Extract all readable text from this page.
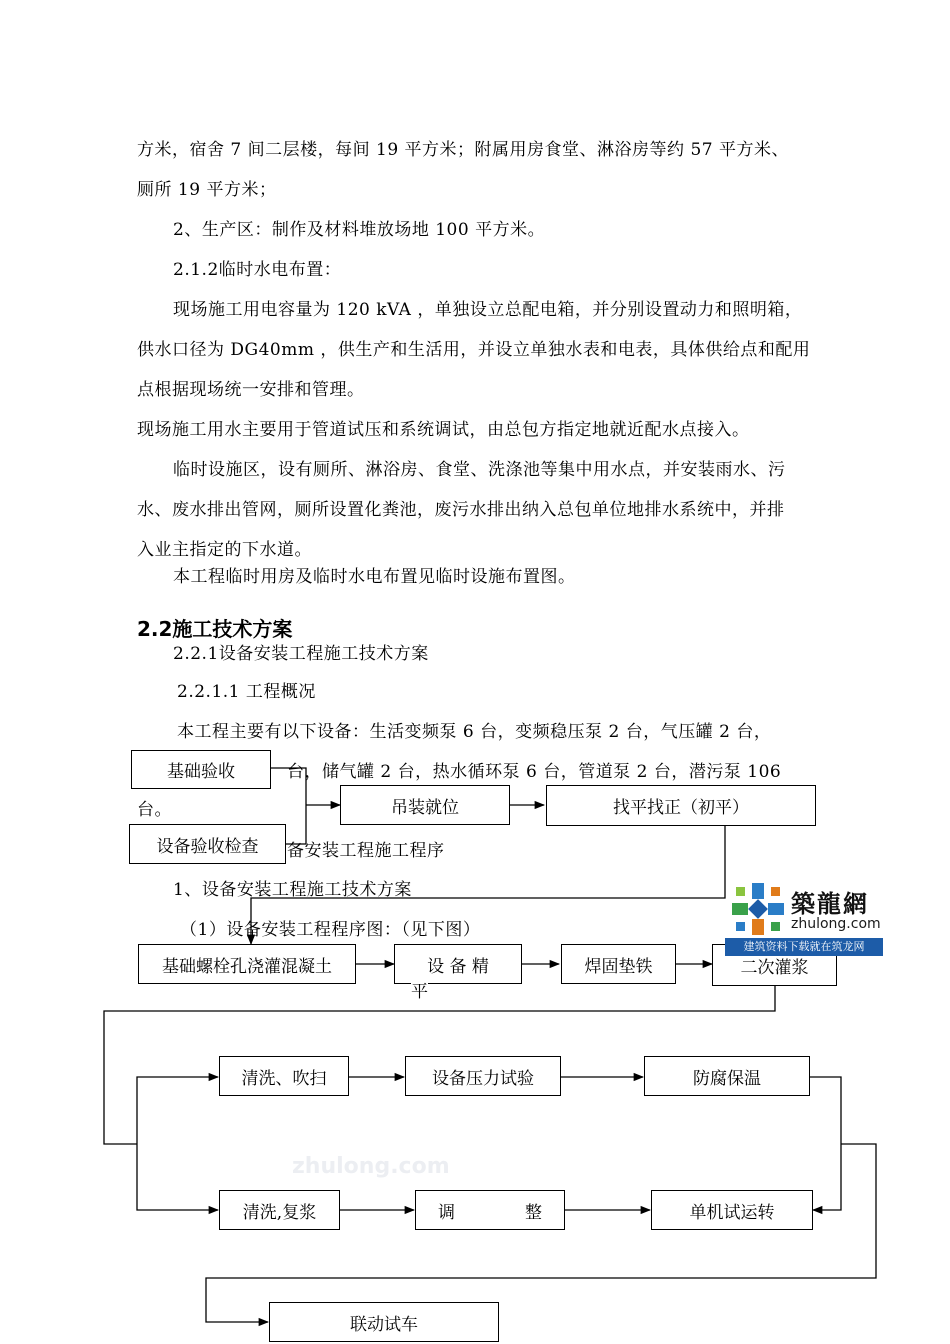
方米，宿舍 7 间二层楼，每间 19 平方米；附属用房食堂、淋浴房等约 57 平方米、
厕所 19 平方米；
2、生产区：制作及材料堆放场地 100 平方米。
2.1.2临时水电布置：
现场施工用电容量为 120 kVA ，单独设立总配电箱，并分别设置动力和照明箱，
供水口径为 DG40mm ，供生产和生活用，并设立单独水表和电表，具体供给点和配用
点根据现场统一安排和管理。
现场施工用水主要用于管道试压和系统调试，由总包方指定地就近配水点接入。
临时设施区，设有厕所、淋浴房、食堂、洗涤池等集中用水点，并安装雨水、污
水、废水排出管网，厕所设置化粪池，废污水排出纳入总包单位地排水系统中，并排
入业主指定的下水道。
本工程临时用房及临时水电布置见临时设施布置图。
2.2施工技术方案
2.2.1设备安装工程施工技术方案
2.2.1.1 工程概况
本工程主要有以下设备：生活变频泵 6 台，变频稳压泵 2 台，气压罐 2 台，
台，储气罐 2 台，热水循环泵 6 台，管道泵 2 台，潜污泵 106
台。
备安装工程施工程序
1、设备安装工程施工技术方案
（1）设备安装工程程序图：（见下图）
基础验收
设备验收检查
吊装就位	找平找正（初平）
基础螺栓孔浇灌混凝土	设 备 精
平
焊固垫铁	二次灌浆
清洗、吹扫	设备压力试验	防腐保温
清洗,复浆	调	整	单机试运转
联动试车
築龍網
zhulong.com
建筑资料下载就在筑龙网
zhulong.com
